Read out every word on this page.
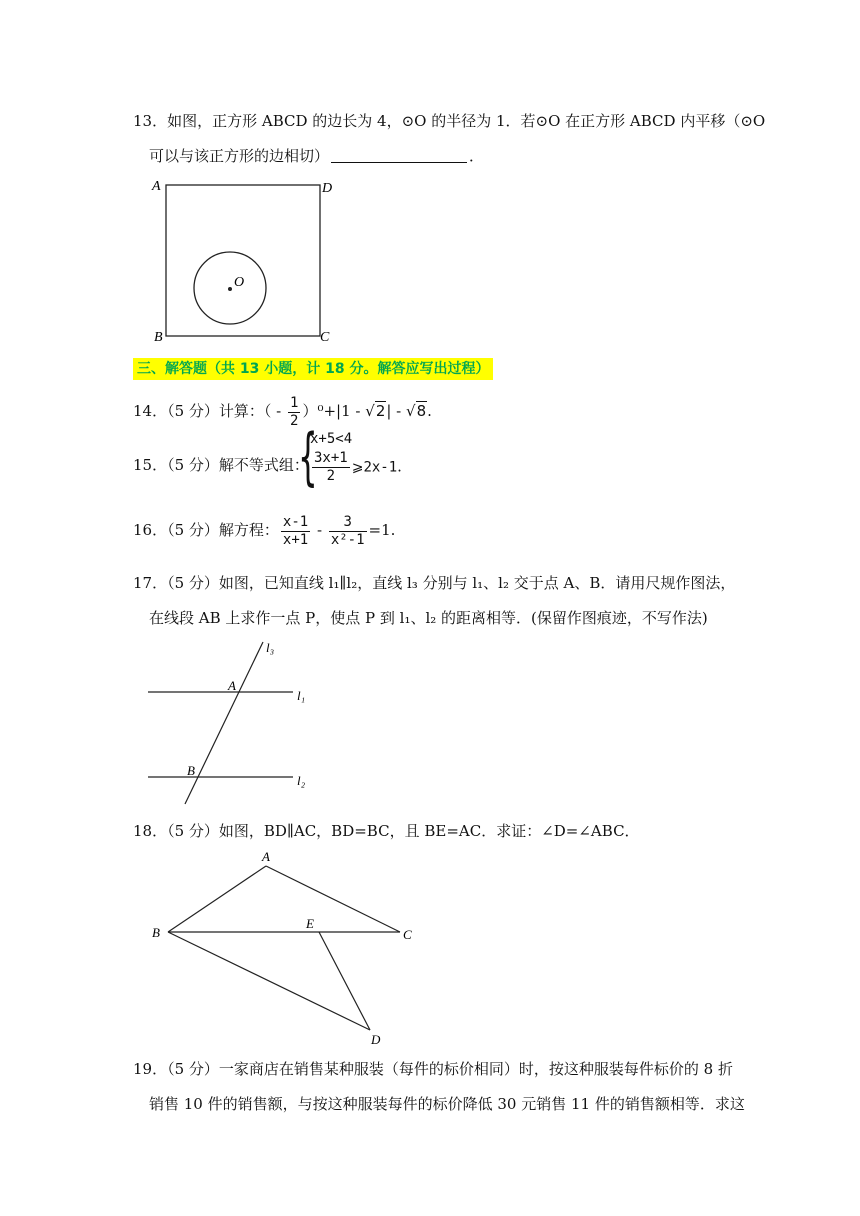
13．如图，正方形 ABCD 的边长为 4，⊙O 的半径为 1．若⊙O 在正方形 ABCD 内平移（⊙O
可以与该正方形的边相切）	．
A	D
B	C
O
三、解答题（共 13 小题，计 18 分。解答应写出过程）
14．（5 分）计算：（ - $\frac{1}{2} )^0+|1 - √2| - √8$.
15．（5 分）解不等式组：
{
x+5<4
$\frac{3x+1}{2}$ ⩾2x-1.
16．（5 分）解方程： $\frac{x-1}{x+1} - \frac{3}{\text{x²-1}} =1$.
17．（5 分）如图，已知直线 l₁∥l₂，直线 l₃ 分别与 l₁、l₂ 交于点 A、B．请用尺规作图法，
在线段 AB 上求作一点 P，使点 P 到 l₁、l₂ 的距离相等．(保留作图痕迹，不写作法)
l₃
l₁
l₂
A
B
18．（5 分）如图，BD∥AC，BD=BC，且 BE=AC．求证：∠D=∠ABC．
A
B	C
E
D
19．（5 分）一家商店在销售某种服装（每件的标价相同）时，按这种服装每件标价的 8 折
销售 10 件的销售额，与按这种服装每件的标价降低 30 元销售 11 件的销售额相等．求这
